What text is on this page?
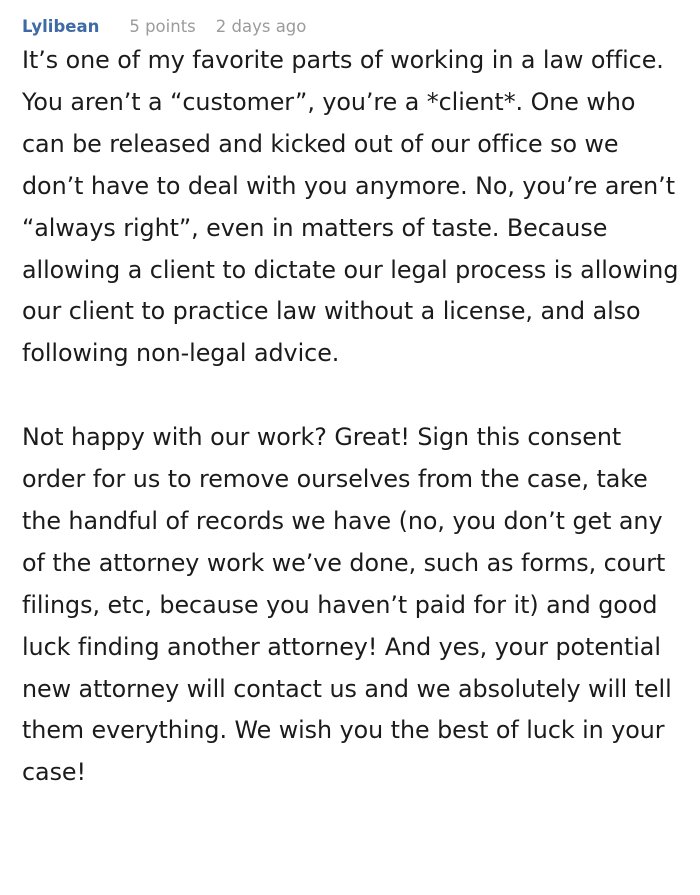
Lylibean 5 points 2 days ago

It’s one of my favorite parts of working in a law office. You aren’t a “customer”, you’re a *client*. One who can be released and kicked out of our office so we don’t have to deal with you anymore. No, you’re aren’t “always right”, even in matters of taste. Because allowing a client to dictate our legal process is allowing our client to practice law without a license, and also following non-legal advice.

Not happy with our work? Great! Sign this consent order for us to remove ourselves from the case, take the handful of records we have (no, you don’t get any of the attorney work we’ve done, such as forms, court filings, etc, because you haven’t paid for it) and good luck finding another attorney! And yes, your potential new attorney will contact us and we absolutely will tell them everything. We wish you the best of luck in your case!
